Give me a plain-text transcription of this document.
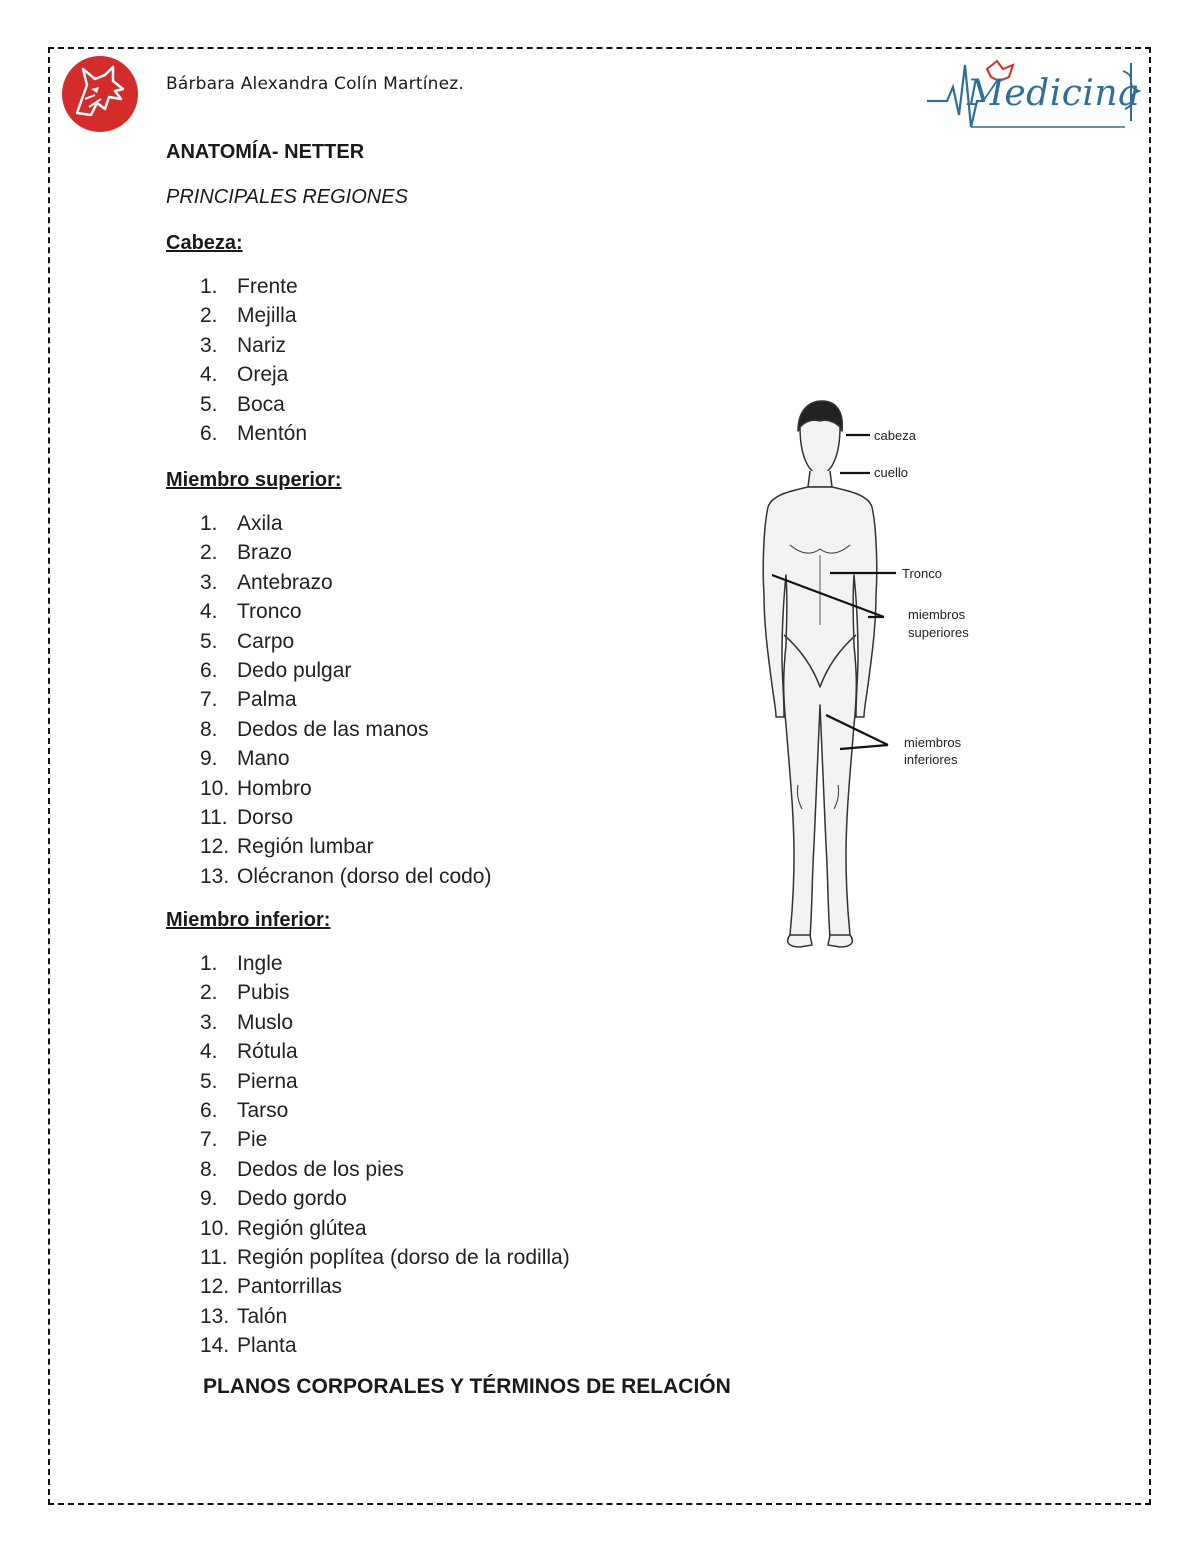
Bárbara Alexandra Colín Martínez.	Medicina
ANATOMÍA- NETTER
PRINCIPALES REGIONES
Cabeza:
1. Frente
2. Mejilla
3. Nariz
4. Oreja
5. Boca
6. Mentón
Miembro superior:
1. Axila
2. Brazo
3. Antebrazo
4. Tronco
5. Carpo
6. Dedo pulgar
7. Palma
8. Dedos de las manos
9. Mano
10. Hombro
11. Dorso
12. Región lumbar
13. Olécranon (dorso del codo)
Miembro inferior:
1. Ingle
2. Pubis
3. Muslo
4. Rótula
5. Pierna
6. Tarso
7. Pie
8. Dedos de los pies
9. Dedo gordo
10. Región glútea
11. Región poplítea (dorso de la rodilla)
12. Pantorrillas
13. Talón
14. Planta
PLANOS CORPORALES Y TÉRMINOS DE RELACIÓN
cabeza
cuello
Tronco
miembros
superiores
miembros
inferiores
